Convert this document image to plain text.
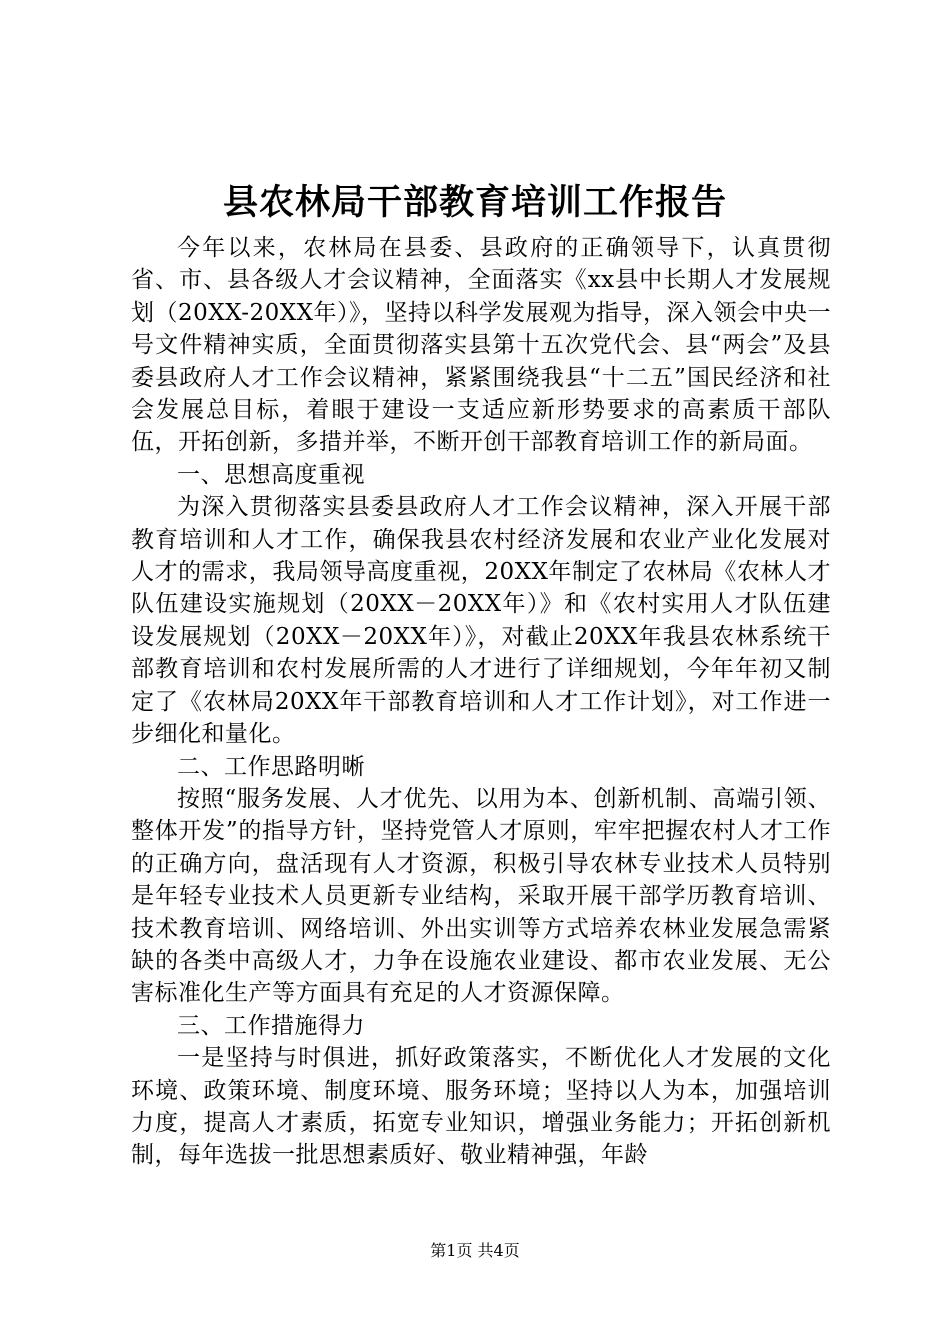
县农林局干部教育培训工作报告

今年以来，农林局在县委、县政府的正确领导下，认真贯彻省、市、县各级人才会议精神，全面落实《xx县中长期人才发展规划（20XX-20XX年）》，坚持以科学发展观为指导，深入领会中央一号文件精神实质，全面贯彻落实县第十五次党代会、县“两会”及县委县政府人才工作会议精神，紧紧围绕我县“十二五”国民经济和社会发展总目标，着眼于建设一支适应新形势要求的高素质干部队伍，开拓创新，多措并举，不断开创干部教育培训工作的新局面。

一、思想高度重视

为深入贯彻落实县委县政府人才工作会议精神，深入开展干部教育培训和人才工作，确保我县农村经济发展和农业产业化发展对人才的需求，我局领导高度重视，20XX年制定了农林局《农林人才队伍建设实施规划（20XX－20XX年）》和《农村实用人才队伍建设发展规划（20XX－20XX年）》，对截止20XX年我县农林系统干部教育培训和农村发展所需的人才进行了详细规划，今年年初又制定了《农林局20XX年干部教育培训和人才工作计划》，对工作进一步细化和量化。

二、工作思路明晰

按照“服务发展、人才优先、以用为本、创新机制、高端引领、整体开发”的指导方针，坚持党管人才原则，牢牢把握农村人才工作的正确方向，盘活现有人才资源，积极引导农林专业技术人员特别是年轻专业技术人员更新专业结构，采取开展干部学历教育培训、技术教育培训、网络培训、外出实训等方式培养农林业发展急需紧缺的各类中高级人才，力争在设施农业建设、都市农业发展、无公害标准化生产等方面具有充足的人才资源保障。

三、工作措施得力

一是坚持与时俱进，抓好政策落实，不断优化人才发展的文化环境、政策环境、制度环境、服务环境；坚持以人为本，加强培训力度，提高人才素质，拓宽专业知识，增强业务能力；开拓创新机制，每年选拔一批思想素质好、敬业精神强，年龄

第1页 共4页
